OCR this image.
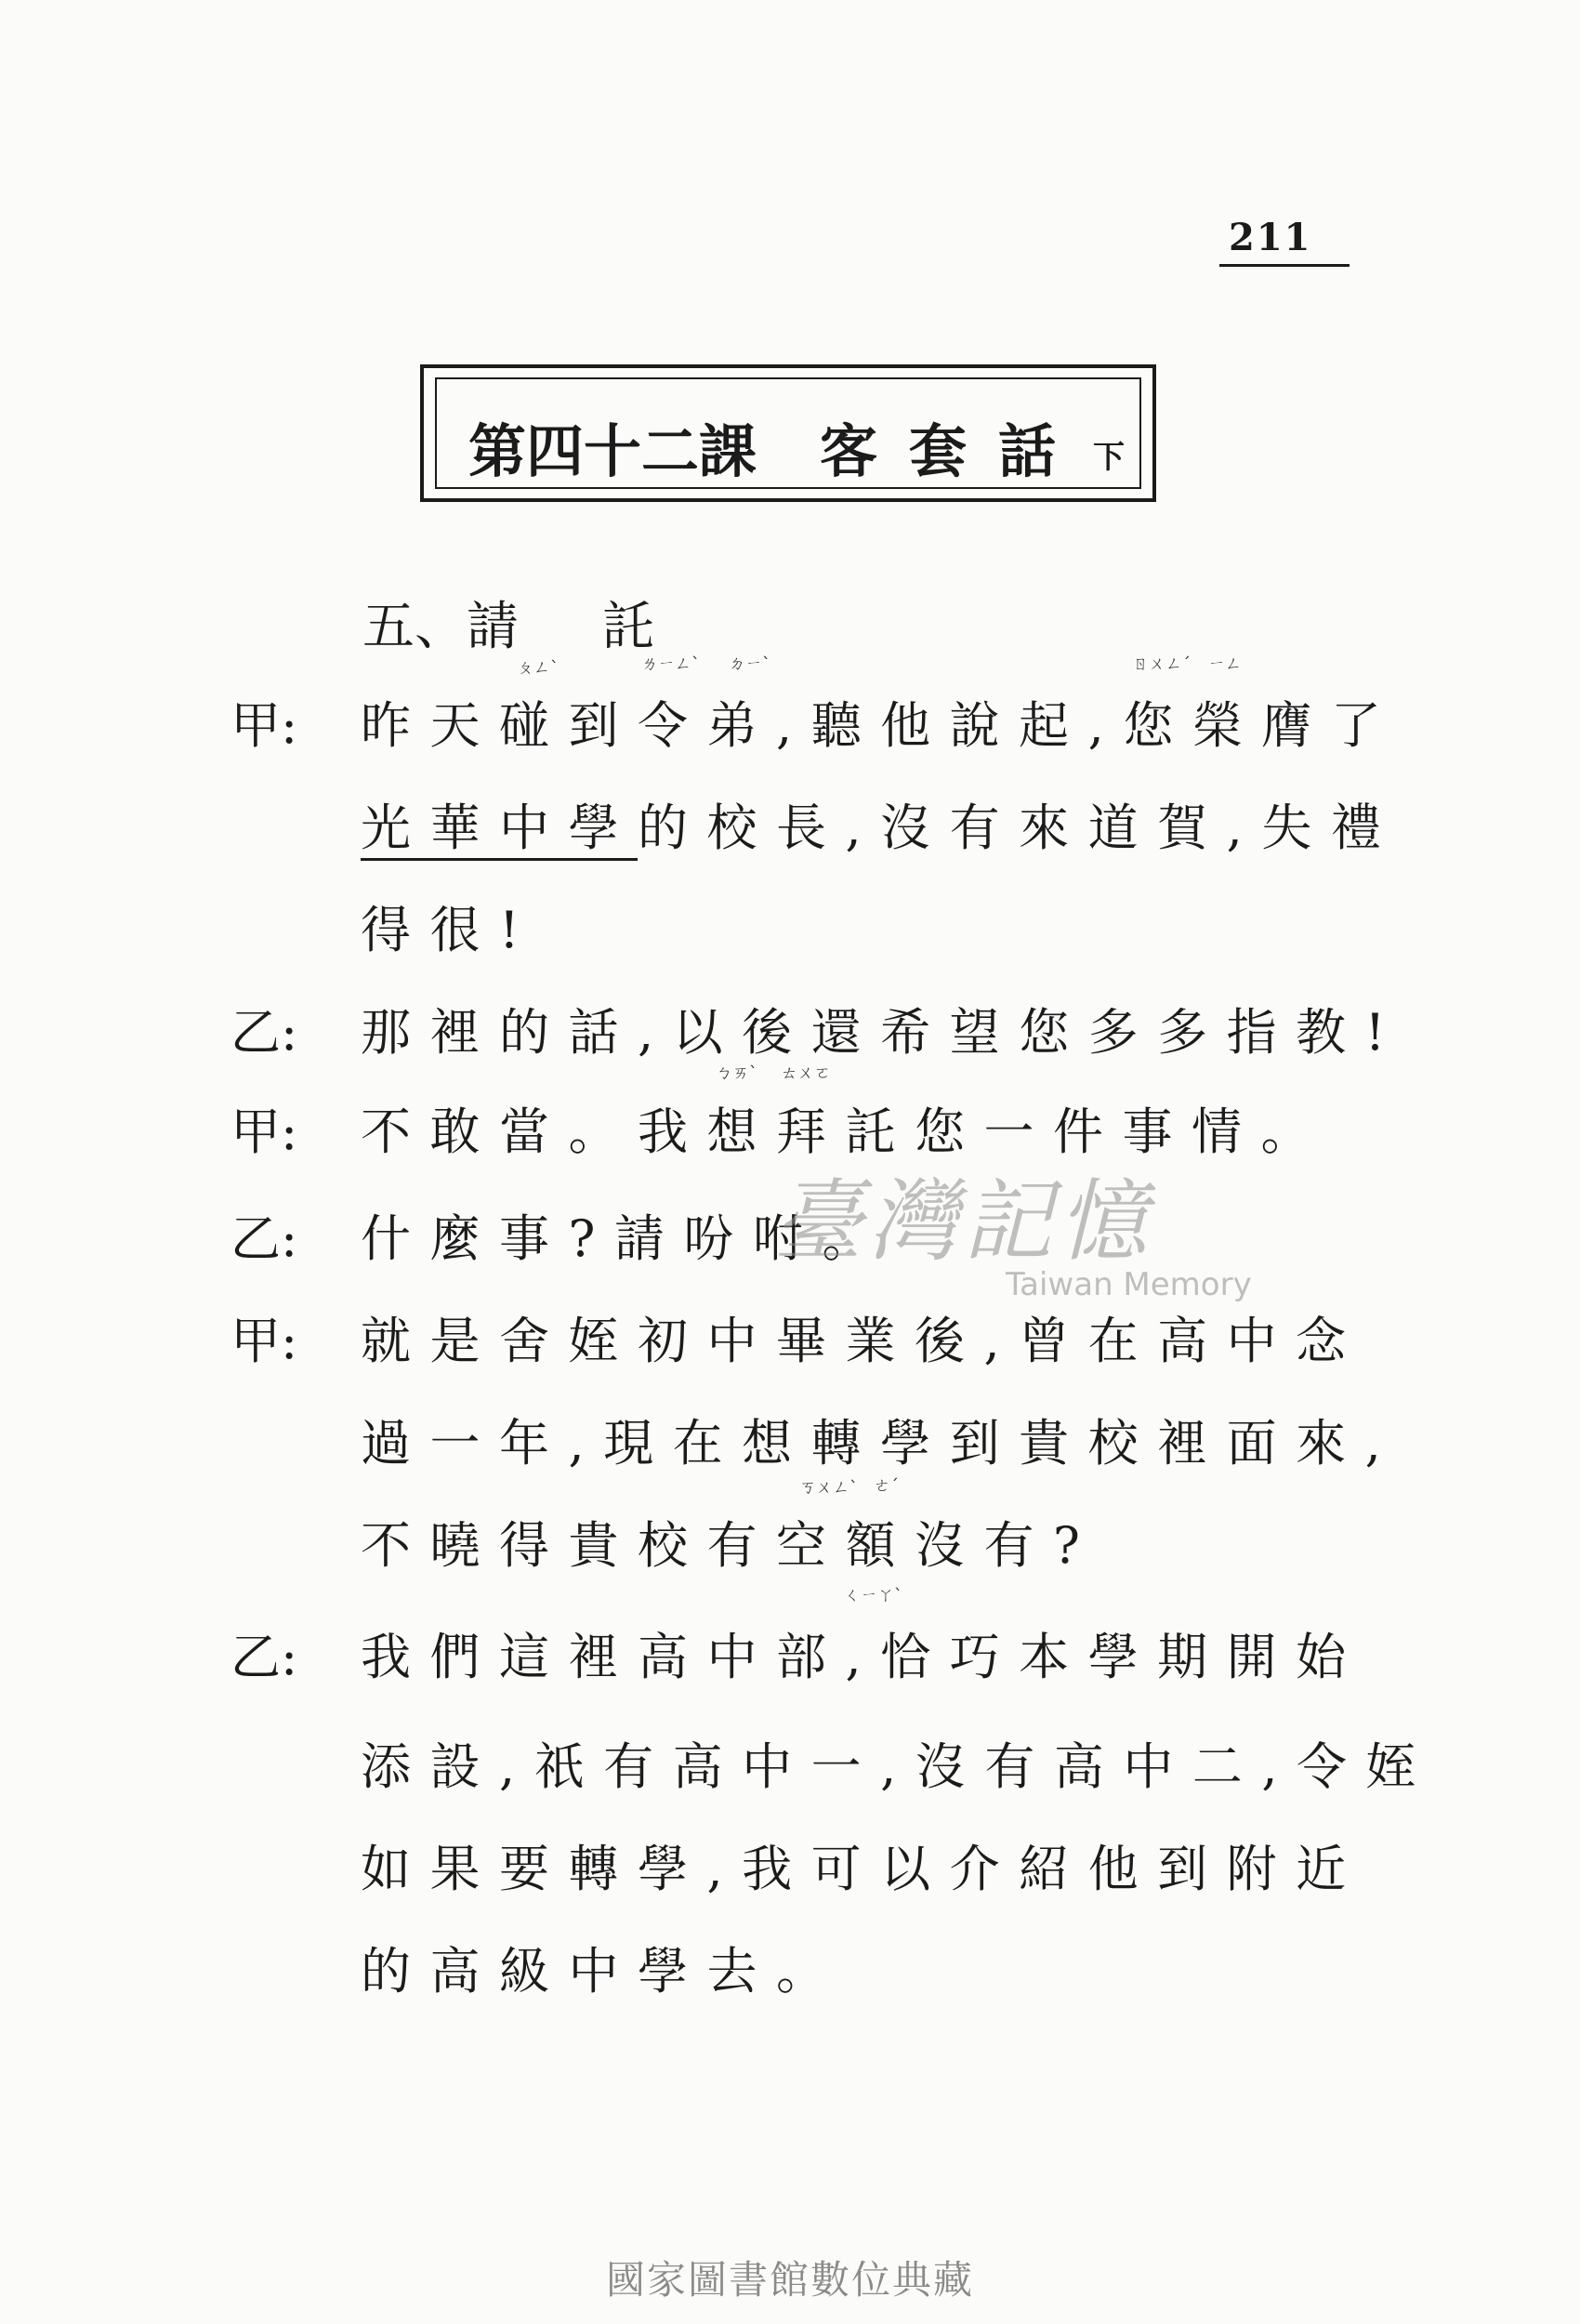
211
第四十二課 客套話 下
五、請託
甲: 昨天碰到令弟,聽他說起,您榮膺了
光華中學的校長,沒有來道賀,失禮
得很!
乙: 那裡的話,以後還希望您多多指教!
甲: 不敢當。我想拜託您一件事情。
乙: 什麼事?請吩咐。
甲: 就是舍姪初中畢業後,曾在高中念
過一年,現在想轉學到貴校裡面來,
不曉得貴校有空額沒有?
乙: 我們這裡高中部,恰巧本學期開始
添設,祇有高中一,沒有高中二,令姪
如果要轉學,我可以介紹他到附近
的高級中學去。
ㄆㄥˋ	ㄌㄧㄥˋ ㄉㄧˋ	ㄖㄨㄥˊ ㄧㄥ
ㄅㄞˋ ㄊㄨㄛ
ㄎㄨㄥˋ ㄜˊ
ㄑㄧㄚˋ
臺灣記憶
Taiwan Memory
國家圖書館數位典藏
